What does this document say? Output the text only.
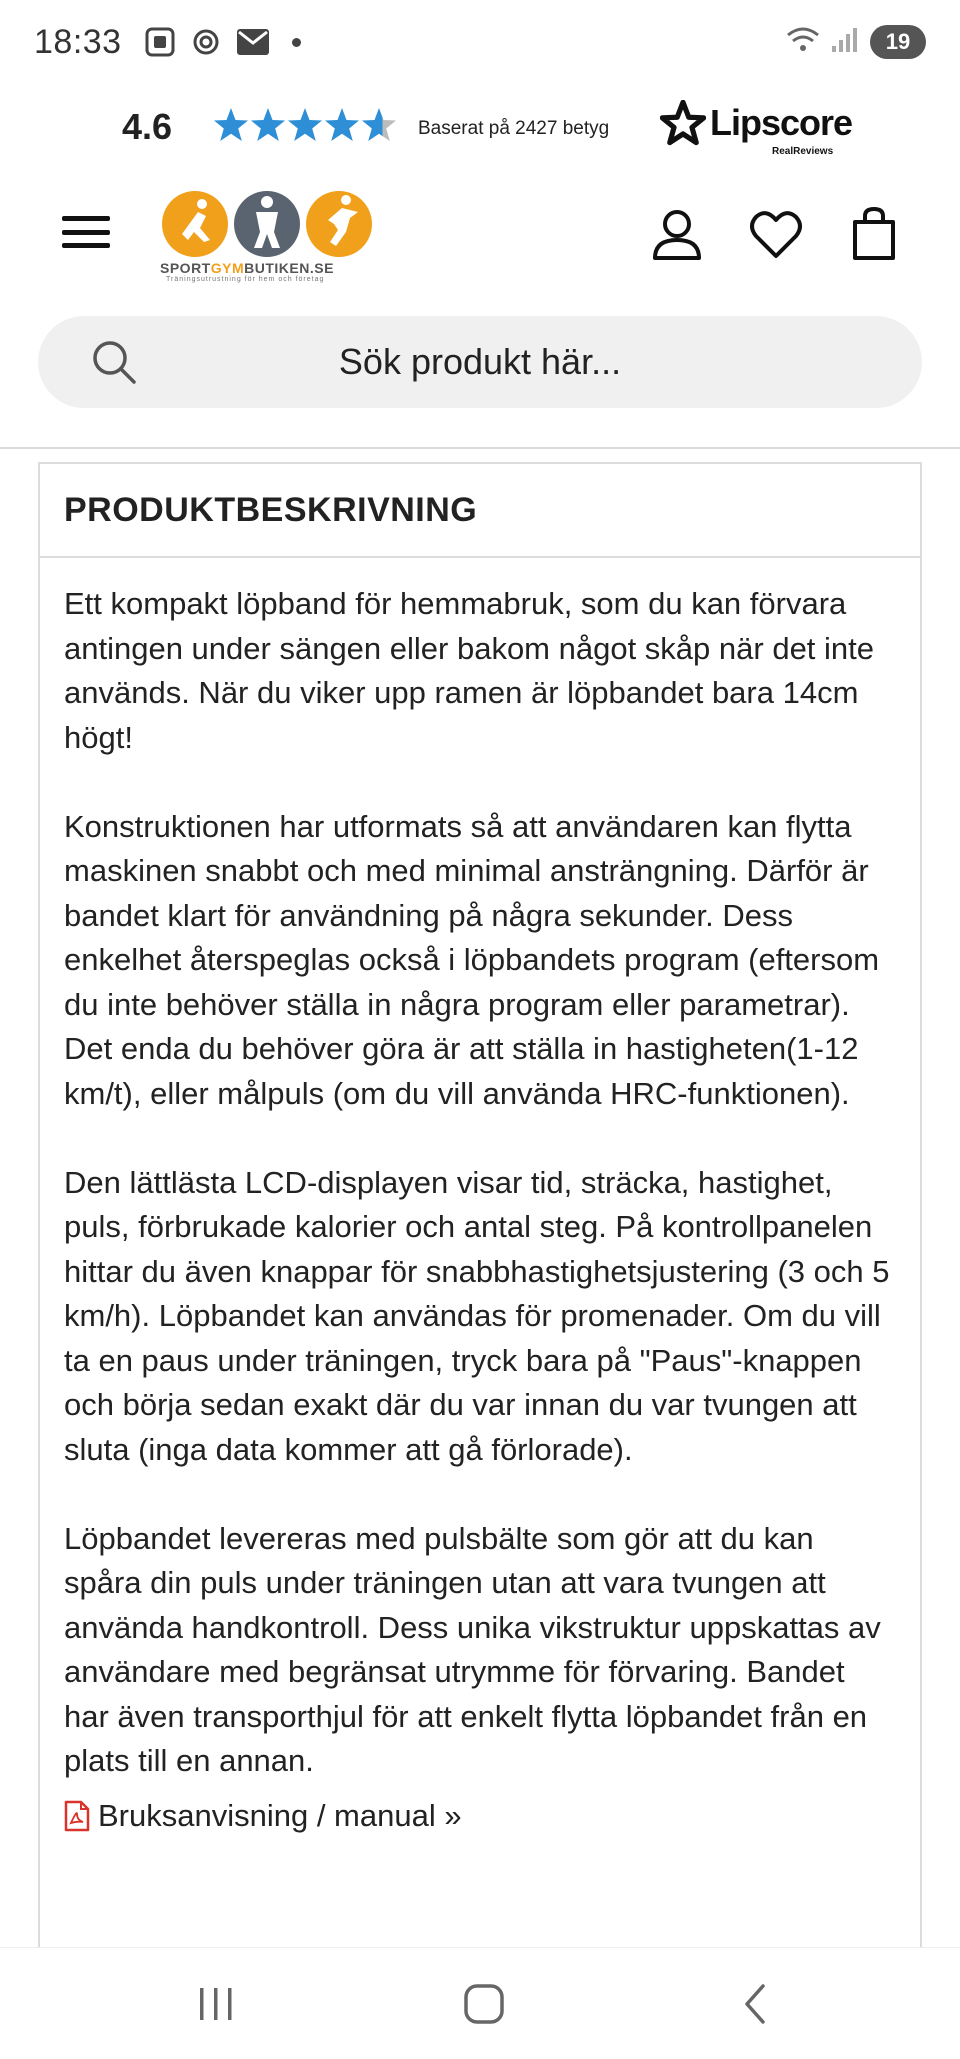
18:33	19
4.6	Baserat på 2427 betyg	Lipscore
RealReviews
SPORTGYMBUTIKEN.SE
Träningsutrustning för hem och företag
Sök produkt här...
PRODUKTBESKRIVNING

Ett kompakt löpband för hemmabruk, som du kan förvara antingen under sängen eller bakom något skåp när det inte används. När du viker upp ramen är löpbandet bara 14cm högt!

Konstruktionen har utformats så att användaren kan flytta maskinen snabbt och med minimal ansträngning. Därför är bandet klart för användning på några sekunder. Dess enkelhet återspeglas också i löpbandets program (eftersom du inte behöver ställa in några program eller parametrar). Det enda du behöver göra är att ställa in hastigheten(1-12 km/t), eller målpuls (om du vill använda HRC-funktionen).

Den lättlästa LCD-displayen visar tid, sträcka, hastighet, puls, förbrukade kalorier och antal steg. På kontrollpanelen hittar du även knappar för snabbhastighetsjustering (3 och 5 km/h). Löpbandet kan användas för promenader. Om du vill ta en paus under träningen, tryck bara på "Paus"-knappen och börja sedan exakt där du var innan du var tvungen att sluta (inga data kommer att gå förlorade).

Löpbandet levereras med pulsbälte som gör att du kan spåra din puls under träningen utan att vara tvungen att använda handkontroll. Dess unika vikstruktur uppskattas av användare med begränsat utrymme för förvaring. Bandet har även transporthjul för att enkelt flytta löpbandet från en plats till en annan.

Bruksanvisning / manual »
